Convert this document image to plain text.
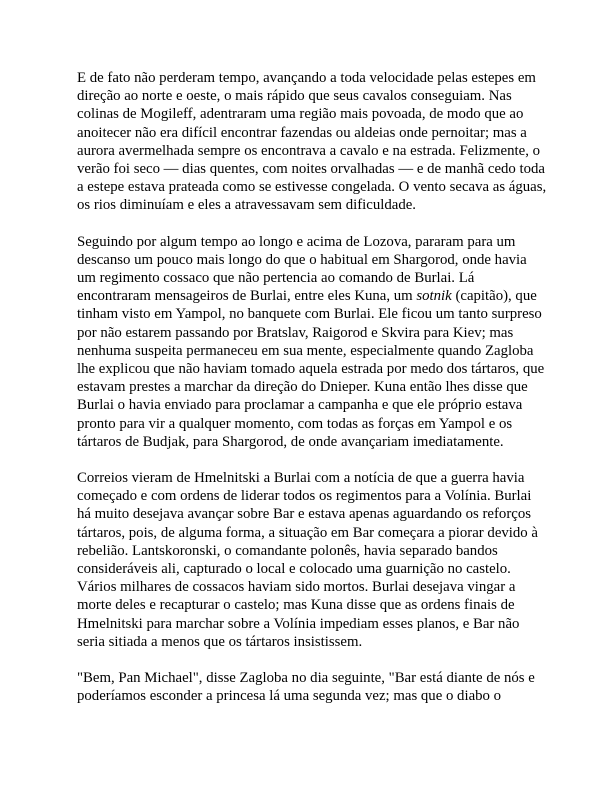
E de fato não perderam tempo, avançando a toda velocidade pelas estepes em direção ao norte e oeste, o mais rápido que seus cavalos conseguiam. Nas colinas de Mogileff, adentraram uma região mais povoada, de modo que ao anoitecer não era difícil encontrar fazendas ou aldeias onde pernoitar; mas a aurora avermelhada sempre os encontrava a cavalo e na estrada. Felizmente, o verão foi seco — dias quentes, com noites orvalhadas — e de manhã cedo toda a estepe estava prateada como se estivesse congelada. O vento secava as águas, os rios diminuíam e eles a atravessavam sem dificuldade.

Seguindo por algum tempo ao longo e acima de Lozova, pararam para um descanso um pouco mais longo do que o habitual em Shargorod, onde havia um regimento cossaco que não pertencia ao comando de Burlai. Lá encontraram mensageiros de Burlai, entre eles Kuna, um sotnik (capitão), que tinham visto em Yampol, no banquete com Burlai. Ele ficou um tanto surpreso por não estarem passando por Bratslav, Raigorod e Skvira para Kiev; mas nenhuma suspeita permaneceu em sua mente, especialmente quando Zagloba lhe explicou que não haviam tomado aquela estrada por medo dos tártaros, que estavam prestes a marchar da direção do Dnieper. Kuna então lhes disse que Burlai o havia enviado para proclamar a campanha e que ele próprio estava pronto para vir a qualquer momento, com todas as forças em Yampol e os tártaros de Budjak, para Shargorod, de onde avançariam imediatamente.

Correios vieram de Hmelnitski a Burlai com a notícia de que a guerra havia começado e com ordens de liderar todos os regimentos para a Volínia. Burlai há muito desejava avançar sobre Bar e estava apenas aguardando os reforços tártaros, pois, de alguma forma, a situação em Bar começara a piorar devido à rebelião. Lantskoronski, o comandante polonês, havia separado bandos consideráveis ali, capturado o local e colocado uma guarnição no castelo. Vários milhares de cossacos haviam sido mortos. Burlai desejava vingar a morte deles e recapturar o castelo; mas Kuna disse que as ordens finais de Hmelnitski para marchar sobre a Volínia impediam esses planos, e Bar não seria sitiada a menos que os tártaros insistissem.

"Bem, Pan Michael", disse Zagloba no dia seguinte, "Bar está diante de nós e poderíamos esconder a princesa lá uma segunda vez; mas que o diabo o
